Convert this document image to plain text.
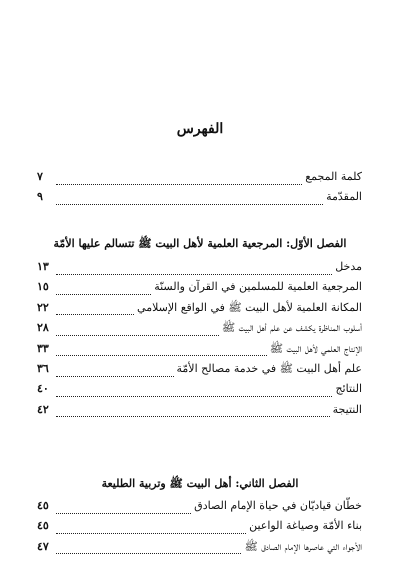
الفهرس
كلمة المجمع
٧
المقدّمة
٩
الفصل الأوّل: المرجعية العلمية لأهل البيت ﷺ تتسالم عليها الأمّة
مدخل
١٣
المرجعية العلمية للمسلمين في القرآن والسنّة
١٥
المكانة العلمية لأهل البيت ﷺ في الواقع الإسلامي
٢٢
أسلوب المناظرة يكشف عن علم أهل البيت ﷺ
٢٨
الإنتاج العلمي لأهل البيت ﷺ
٣٣
علم أهل البيت ﷺ في خدمة مصالح الأمّة
٣٦
النتائج
٤٠
النتيجة
٤٢
الفصل الثاني: أهل البيت ﷺ وتربية الطليعة
خطّان قياديّان في حياة الإمام الصادق
٤٥
بناء الأمّة وصياغة الواعين
٤٥
الأجواء التي عاصرها الإمام الصادق ﷺ
٤٧
